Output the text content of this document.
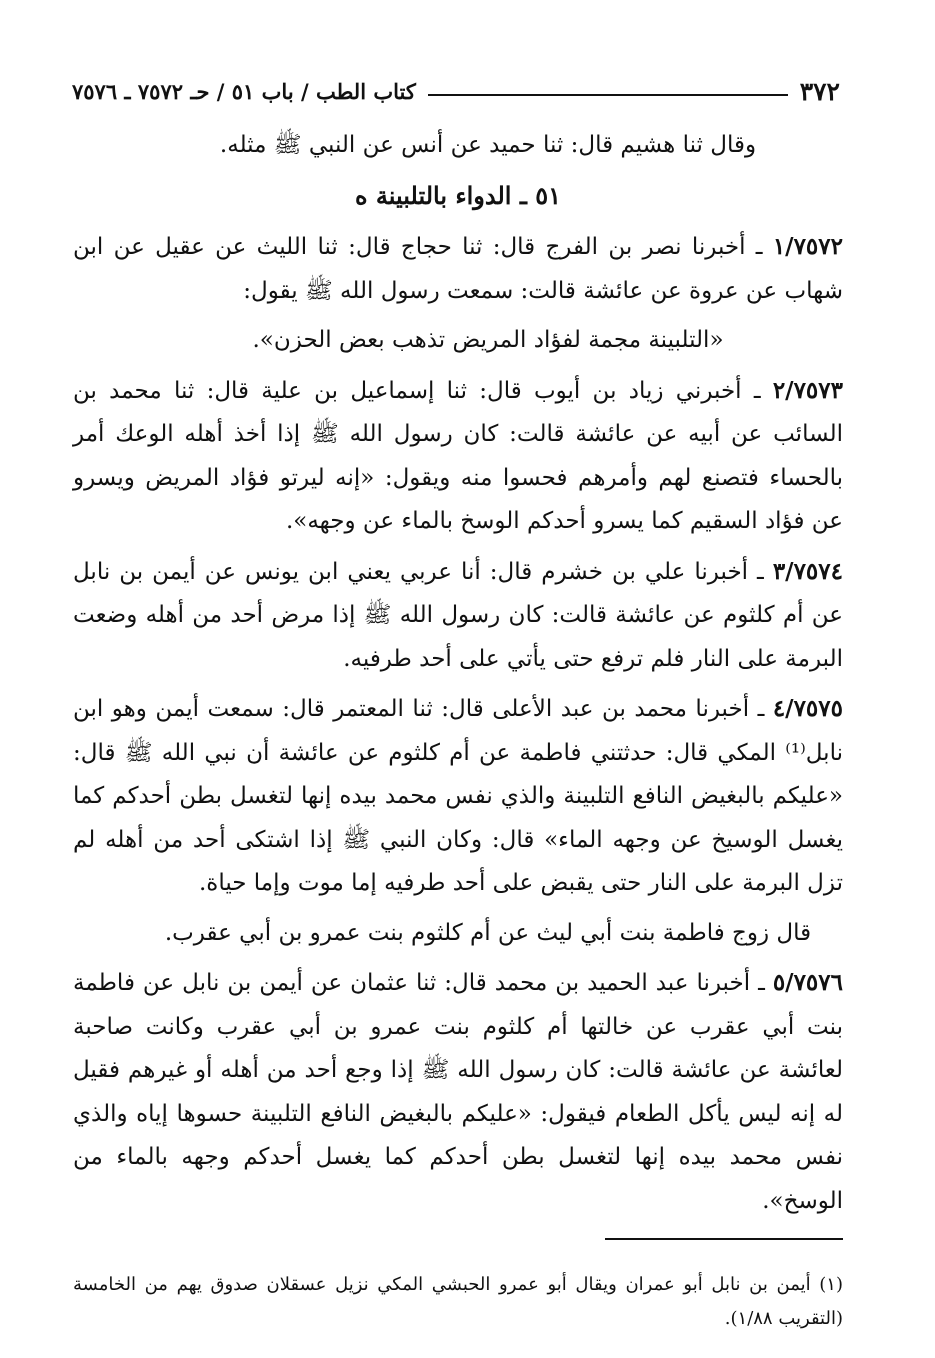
٣٧٢
كتاب الطب / باب ٥١ / حـ ٧٥٧٢ ـ ٧٥٧٦

وقال ثنا هشيم قال: ثنا حميد عن أنس عن النبي ﷺ مثله.

٥١ ـ الدواء بالتلبينة ه

١/٧٥٧٢ ـ أخبرنا نصر بن الفرج قال: ثنا حجاج قال: ثنا الليث عن عقيل عن ابن شهاب عن عروة عن عائشة قالت: سمعت رسول الله ﷺ يقول:

«التلبينة مجمة لفؤاد المريض تذهب بعض الحزن».

٢/٧٥٧٣ ـ أخبرني زياد بن أيوب قال: ثنا إسماعيل بن علية قال: ثنا محمد بن السائب عن أبيه عن عائشة قالت: كان رسول الله ﷺ إذا أخذ أهله الوعك أمر بالحساء فتصنع لهم وأمرهم فحسوا منه ويقول: «إنه ليرتو فؤاد المريض ويسرو عن فؤاد السقيم كما يسرو أحدكم الوسخ بالماء عن وجهه».

٣/٧٥٧٤ ـ أخبرنا علي بن خشرم قال: أنا عربي يعني ابن يونس عن أيمن بن نابل عن أم كلثوم عن عائشة قالت: كان رسول الله ﷺ إذا مرض أحد من أهله وضعت البرمة على النار فلم ترفع حتى يأتي على أحد طرفيه.

٤/٧٥٧٥ ـ أخبرنا محمد بن عبد الأعلى قال: ثنا المعتمر قال: سمعت أيمن وهو ابن نابل⁽¹⁾ المكي قال: حدثتني فاطمة عن أم كلثوم عن عائشة أن نبي الله ﷺ قال: «عليكم بالبغيض النافع التلبينة والذي نفس محمد بيده إنها لتغسل بطن أحدكم كما يغسل الوسيخ عن وجهه الماء» قال: وكان النبي ﷺ إذا اشتكى أحد من أهله لم تزل البرمة على النار حتى يقبض على أحد طرفيه إما موت وإما حياة.

قال زوج فاطمة بنت أبي ليث عن أم كلثوم بنت عمرو بن أبي عقرب.

٥/٧٥٧٦ ـ أخبرنا عبد الحميد بن محمد قال: ثنا عثمان عن أيمن بن نابل عن فاطمة بنت أبي عقرب عن خالتها أم كلثوم بنت عمرو بن أبي عقرب وكانت صاحبة لعائشة عن عائشة قالت: كان رسول الله ﷺ إذا وجع أحد من أهله أو غيرهم فقيل له إنه ليس يأكل الطعام فيقول: «عليكم بالبغيض النافع التلبينة حسوها إياه والذي نفس محمد بيده إنها لتغسل بطن أحدكم كما يغسل أحدكم وجهه بالماء من الوسخ».

(١) أيمن بن نابل أبو عمران ويقال أبو عمرو الحبشي المكي نزيل عسقلان صدوق يهم من الخامسة (التقريب ١/٨٨).
